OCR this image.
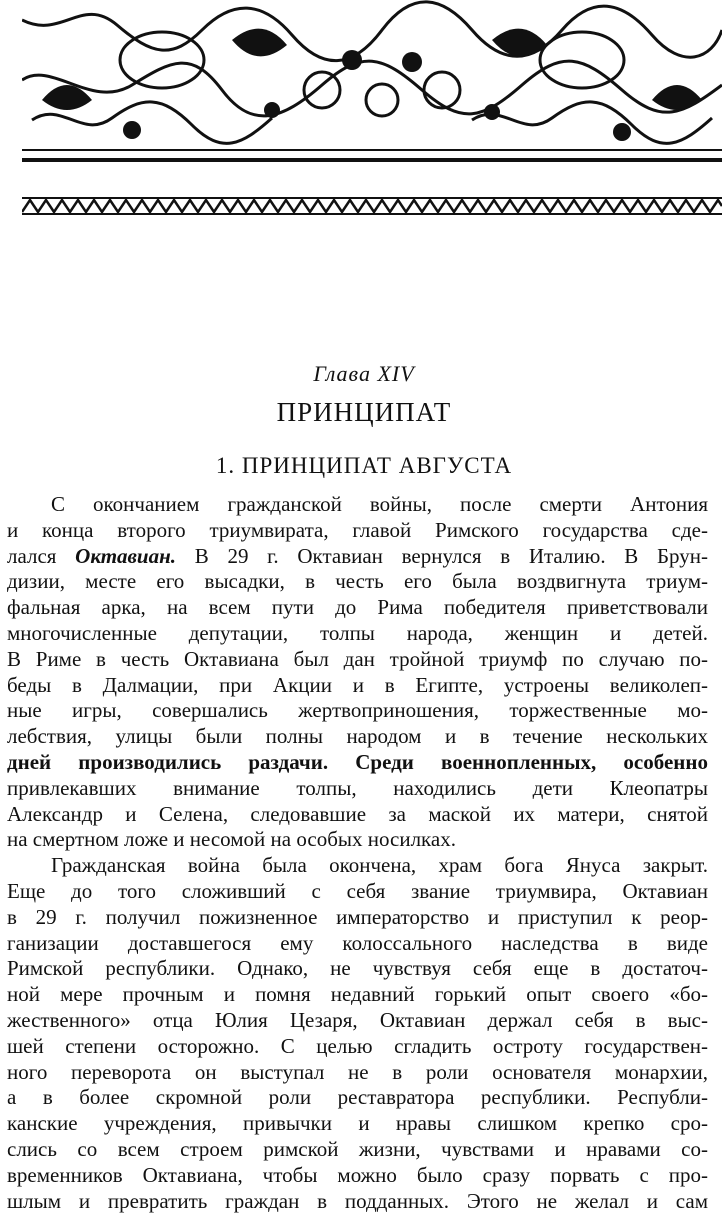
Глава XIV
ПРИНЦИПАТ
1. ПРИНЦИПАТ АВГУСТА
С окончанием гражданской войны, после смерти Антония
и конца второго триумвирата, главой Римского государства сде-
лался Октавиан. В 29 г. Октавиан вернулся в Италию. В Брун-
дизии, месте его высадки, в честь его была воздвигнута триум-
фальная арка, на всем пути до Рима победителя приветствовали
многочисленные депутации, толпы народа, женщин и детей.
В Риме в честь Октавиана был дан тройной триумф по случаю по-
беды в Далмации, при Акции и в Египте, устроены великолеп-
ные игры, совершались жертвоприношения, торжественные мо-
лебствия, улицы были полны народом и в течение нескольких
дней производились раздачи. Среди военнопленных, особенно
привлекавших внимание толпы, находились дети Клеопатры
Александр и Селена, следовавшие за маской их матери, снятой
на смертном ложе и несомой на особых носилках.
Гражданская война была окончена, храм бога Януса закрыт.
Еще до того сложивший с себя звание триумвира, Октавиан
в 29 г. получил пожизненное императорство и приступил к реор-
ганизации доставшегося ему колоссального наследства в виде
Римской республики. Однако, не чувствуя себя еще в достаточ-
ной мере прочным и помня недавний горький опыт своего «бо-
жественного» отца Юлия Цезаря, Октавиан держал себя в выс-
шей степени осторожно. С целью сгладить остроту государствен-
ного переворота он выступал не в роли основателя монархии,
а в более скромной роли реставратора республики. Республи-
канские учреждения, привычки и нравы слишком крепко сро-
слись со всем строем римской жизни, чувствами и нравами со-
временников Октавиана, чтобы можно было сразу порвать с про-
шлым и превратить граждан в подданных. Этого не желал и сам
